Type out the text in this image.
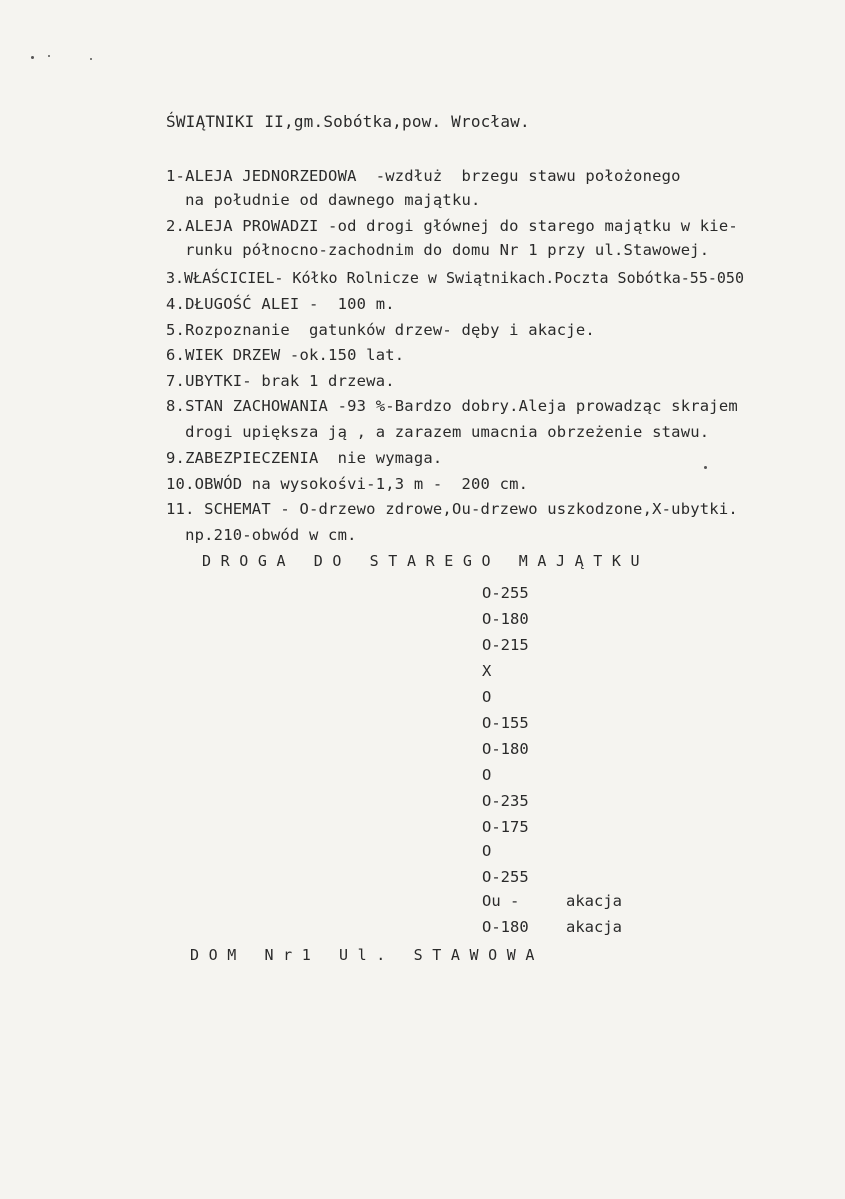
ŚWIĄTNIKI II,gm.Sobótka,pow. Wrocław.
1-ALEJA JEDNORZEDOWA  -wzdłuż  brzegu stawu położonego
na południe od dawnego majątku.
2.ALEJA PROWADZI -od drogi głównej do starego majątku w kie-
runku północno-zachodnim do domu Nr 1 przy ul.Stawowej.
3.WŁAŚCICIEL- Kółko Rolnicze w Swiątnikach.Poczta Sobótka-55-050
4.DŁUGOŚĆ ALEI -  100 m.
5.Rozpoznanie  gatunków drzew- dęby i akacje.
6.WIEK DRZEW -ok.150 lat.
7.UBYTKI- brak 1 drzewa.
8.STAN ZACHOWANIA -93 %-Bardzo dobry.Aleja prowadząc skrajem
drogi upiększa ją , a zarazem umacnia obrzeżenie stawu.
9.ZABEZPIECZENIA  nie wymaga.
10.OBWÓD na wysokośvi-1,3 m -  200 cm.
11. SCHEMAT - O-drzewo zdrowe,Ou-drzewo uszkodzone,X-ubytki.
np.210-obwód w cm.
DROGA DO STAREGO MAJĄTKU
O-255
O-180
O-215
X
O
O-155
O-180
O
O-235
O-175
O
O-255
Ou -
O-180
akacja
akacja
DOM Nr1 Ul. STAWOWA
